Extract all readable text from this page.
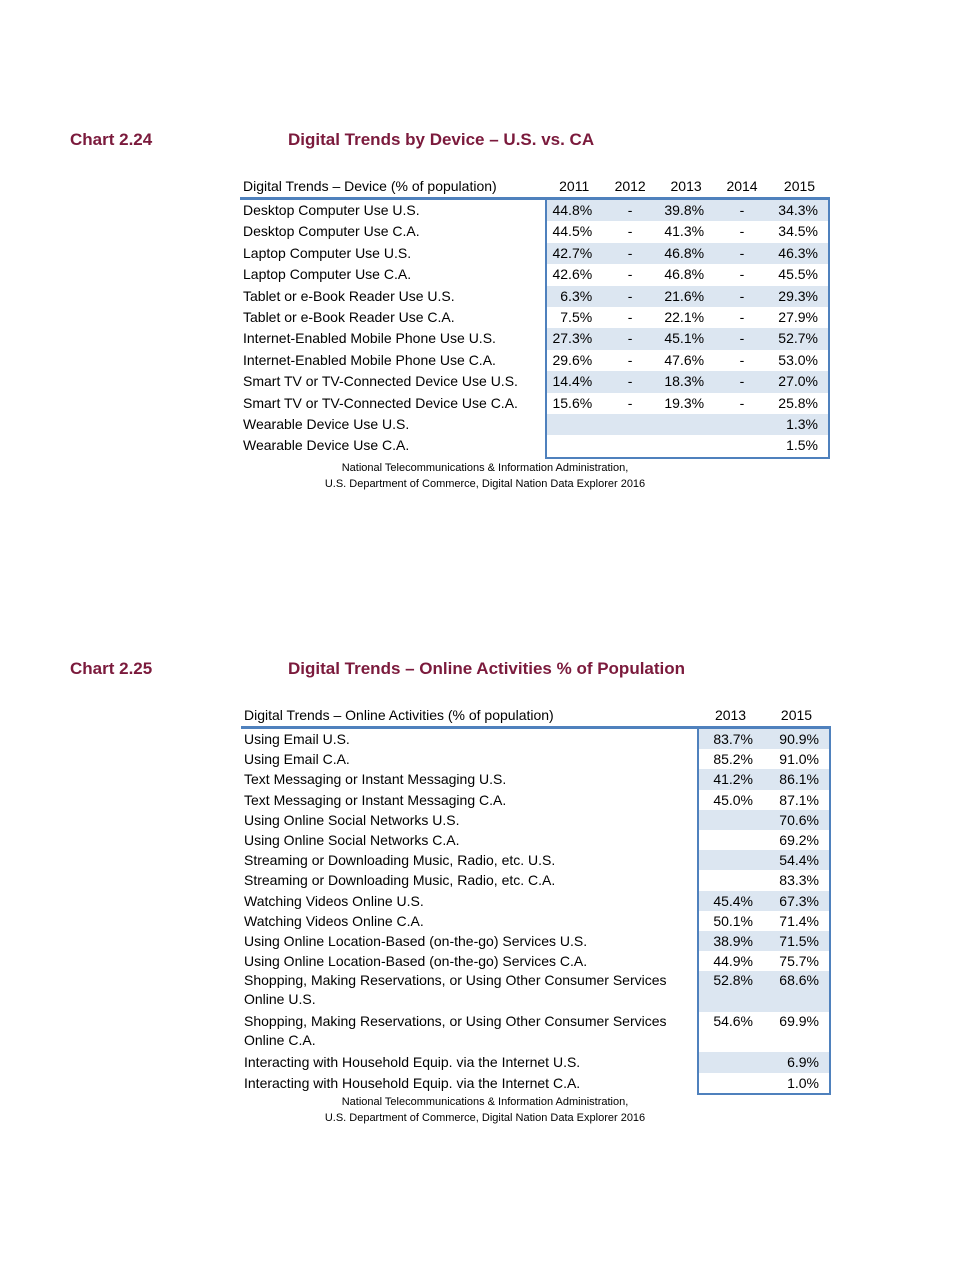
Chart 2.24	Digital Trends by Device – U.S. vs. CA
Digital Trends – Device (% of population)	2011	2012	2013	2014	2015
Desktop Computer Use U.S.	44.8%	-	39.8%	-	34.3%
Desktop Computer Use C.A.	44.5%	-	41.3%	-	34.5%
Laptop Computer Use U.S.	42.7%	-	46.8%	-	46.3%
Laptop Computer Use C.A.	42.6%	-	46.8%	-	45.5%
Tablet or e-Book Reader Use U.S.	6.3%	-	21.6%	-	29.3%
Tablet or e-Book Reader Use C.A.	7.5%	-	22.1%	-	27.9%
Internet-Enabled Mobile Phone Use U.S.	27.3%	-	45.1%	-	52.7%
Internet-Enabled Mobile Phone Use C.A.	29.6%	-	47.6%	-	53.0%
Smart TV or TV-Connected Device Use U.S.	14.4%	-	18.3%	-	27.0%
Smart TV or TV-Connected Device Use C.A.	15.6%	-	19.3%	-	25.8%
Wearable Device Use U.S.					1.3%
Wearable Device Use C.A.					1.5%
National Telecommunications & Information Administration,
U.S. Department of Commerce, Digital Nation Data Explorer 2016
Chart 2.25	Digital Trends – Online Activities % of Population
Digital Trends – Online Activities (% of population)	2013	2015
Using Email U.S.	83.7%	90.9%
Using Email C.A.	85.2%	91.0%
Text Messaging or Instant Messaging U.S.	41.2%	86.1%
Text Messaging or Instant Messaging C.A.	45.0%	87.1%
Using Online Social Networks U.S.		70.6%
Using Online Social Networks C.A.		69.2%
Streaming or Downloading Music, Radio, etc. U.S.		54.4%
Streaming or Downloading Music, Radio, etc. C.A.		83.3%
Watching Videos Online U.S.	45.4%	67.3%
Watching Videos Online C.A.	50.1%	71.4%
Using Online Location-Based (on-the-go) Services U.S.	38.9%	71.5%
Using Online Location-Based (on-the-go) Services C.A.	44.9%	75.7%
Shopping, Making Reservations, or Using Other Consumer Services Online U.S.	52.8%	68.6%
Shopping, Making Reservations, or Using Other Consumer Services Online C.A.	54.6%	69.9%
Interacting with Household Equip. via the Internet U.S.		6.9%
Interacting with Household Equip. via the Internet C.A.		1.0%
National Telecommunications & Information Administration,
U.S. Department of Commerce, Digital Nation Data Explorer 2016
